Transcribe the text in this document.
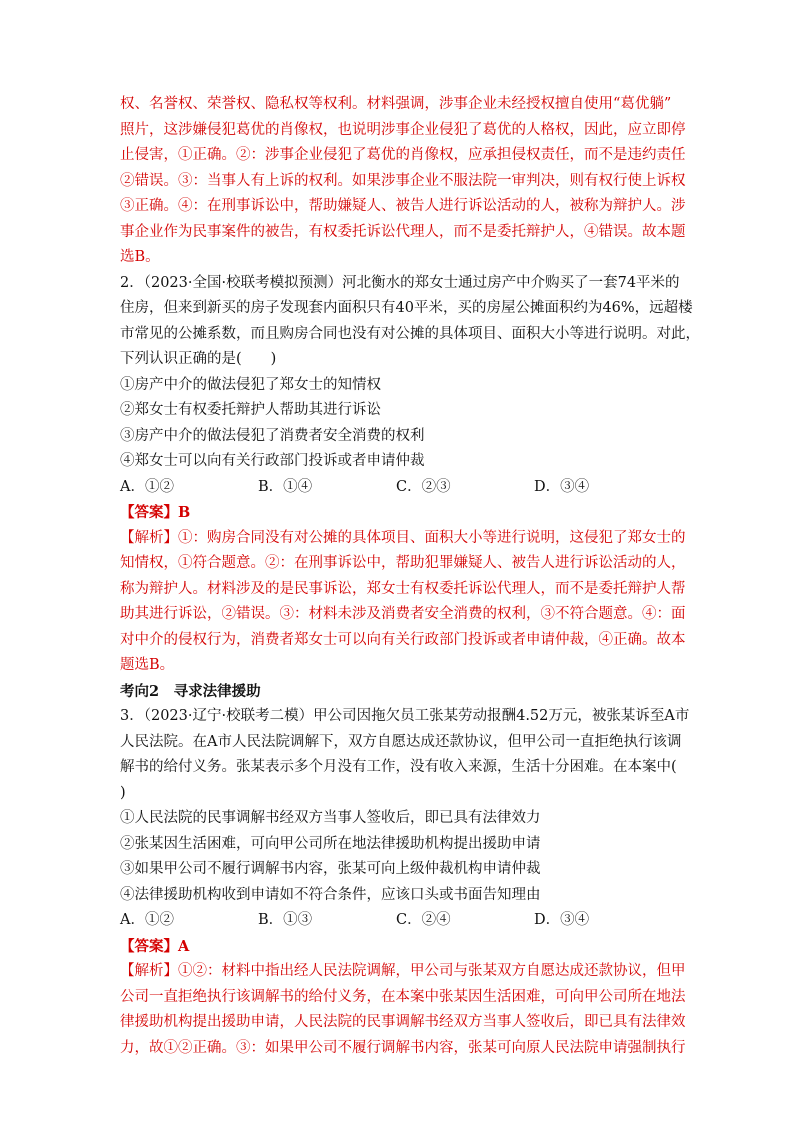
权、名誉权、荣誉权、隐私权等权利。材料强调，涉事企业未经授权擅自使用“葛优躺”
照片，这涉嫌侵犯葛优的肖像权，也说明涉事企业侵犯了葛优的人格权，因此，应立即停
止侵害，①正确。②：涉事企业侵犯了葛优的肖像权，应承担侵权责任，而不是违约责任
②错误。③：当事人有上诉的权利。如果涉事企业不服法院一审判决，则有权行使上诉权
③正确。④：在刑事诉讼中，帮助嫌疑人、被告人进行诉讼活动的人，被称为辩护人。涉
事企业作为民事案件的被告，有权委托诉讼代理人，而不是委托辩护人，④错误。故本题
选B。
2．（2023·全国·校联考模拟预测）河北衡水的郑女士通过房产中介购买了一套74平米的
住房，但来到新买的房子发现套内面积只有40平米，买的房屋公摊面积约为46%，远超楼
市常见的公摊系数，而且购房合同也没有对公摊的具体项目、面积大小等进行说明。对此，
下列认识正确的是(　　)
①房产中介的做法侵犯了郑女士的知情权
②郑女士有权委托辩护人帮助其进行诉讼
③房产中介的做法侵犯了消费者安全消费的权利
④郑女士可以向有关行政部门投诉或者申请仲裁
A．①②	B．①④	C．②③	D．③④
【答案】B
【解析】①：购房合同没有对公摊的具体项目、面积大小等进行说明，这侵犯了郑女士的
知情权，①符合题意。②：在刑事诉讼中，帮助犯罪嫌疑人、被告人进行诉讼活动的人，
称为辩护人。材料涉及的是民事诉讼，郑女士有权委托诉讼代理人，而不是委托辩护人帮
助其进行诉讼，②错误。③：材料未涉及消费者安全消费的权利，③不符合题意。④：面
对中介的侵权行为，消费者郑女士可以向有关行政部门投诉或者申请仲裁，④正确。故本
题选B。
考向2　寻求法律援助
3．（2023·辽宁·校联考二模）甲公司因拖欠员工张某劳动报酬4.52万元，被张某诉至A市
人民法院。在A市人民法院调解下，双方自愿达成还款协议，但甲公司一直拒绝执行该调
解书的给付义务。张某表示多个月没有工作，没有收入来源，生活十分困难。在本案中(
)
①人民法院的民事调解书经双方当事人签收后，即已具有法律效力
②张某因生活困难，可向甲公司所在地法律援助机构提出援助申请
③如果甲公司不履行调解书内容，张某可向上级仲裁机构申请仲裁
④法律援助机构收到申请如不符合条件，应该口头或书面告知理由
A．①②	B．①③	C．②④	D．③④
【答案】A
【解析】①②：材料中指出经人民法院调解，甲公司与张某双方自愿达成还款协议，但甲
公司一直拒绝执行该调解书的给付义务，在本案中张某因生活困难，可向甲公司所在地法
律援助机构提出援助申请，人民法院的民事调解书经双方当事人签收后，即已具有法律效
力，故①②正确。③：如果甲公司不履行调解书内容，张某可向原人民法院申请强制执行
